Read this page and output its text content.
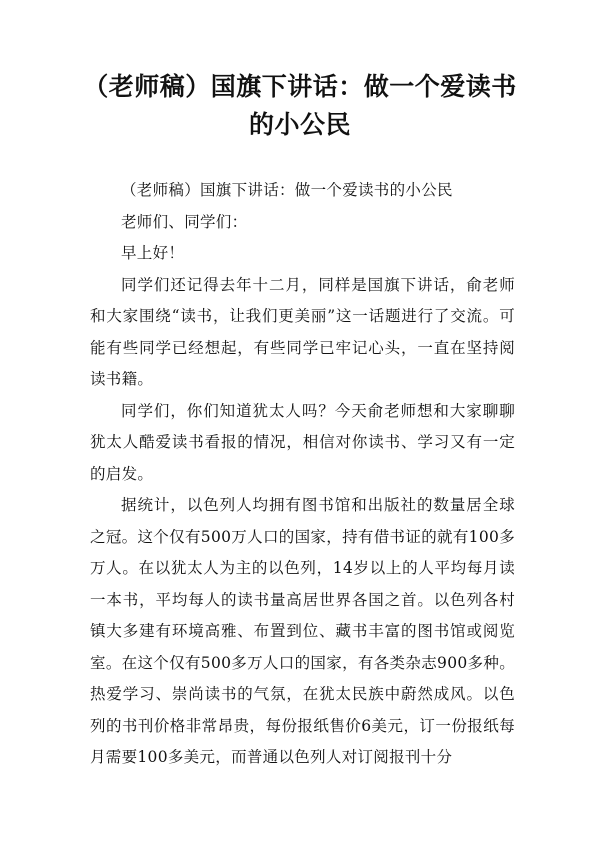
（老师稿）国旗下讲话：做一个爱读书的小公民

（老师稿）国旗下讲话：做一个爱读书的小公民

老师们、同学们：

早上好！

同学们还记得去年十二月，同样是国旗下讲话，俞老师和大家围绕“读书，让我们更美丽”这一话题进行了交流。可能有些同学已经想起，有些同学已牢记心头，一直在坚持阅读书籍。

同学们，你们知道犹太人吗？今天俞老师想和大家聊聊犹太人酷爱读书看报的情况，相信对你读书、学习又有一定的启发。

据统计，以色列人均拥有图书馆和出版社的数量居全球之冠。这个仅有500万人口的国家，持有借书证的就有100多万人。在以犹太人为主的以色列，14岁以上的人平均每月读一本书，平均每人的读书量高居世界各国之首。以色列各村镇大多建有环境高雅、布置到位、藏书丰富的图书馆或阅览室。在这个仅有500多万人口的国家，有各类杂志900多种。热爱学习、崇尚读书的气氛，在犹太民族中蔚然成风。以色列的书刊价格非常昂贵，每份报纸售价6美元，订一份报纸每月需要100多美元，而普通以色列人对订阅报刊十分
